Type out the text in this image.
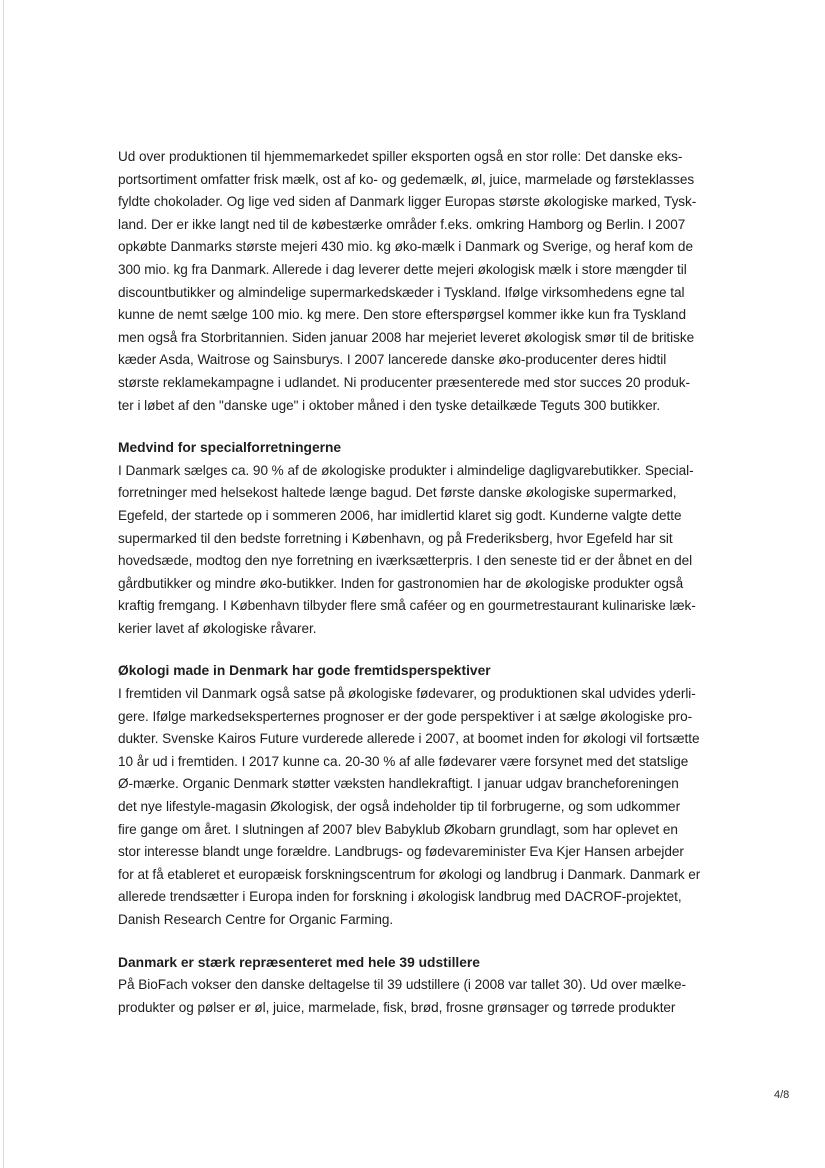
Ud over produktionen til hjemmemarkedet spiller eksporten også en stor rolle: Det danske eks-
portsortiment omfatter frisk mælk, ost af ko- og gedemælk, øl, juice, marmelade og førsteklasses
fyldte chokolader. Og lige ved siden af Danmark ligger Europas største økologiske marked, Tysk-
land. Der er ikke langt ned til de købestærke områder f.eks. omkring Hamborg og Berlin. I 2007
opkøbte Danmarks største mejeri 430 mio. kg øko-mælk i Danmark og Sverige, og heraf kom de
300 mio. kg fra Danmark. Allerede i dag leverer dette mejeri økologisk mælk i store mængder til
discountbutikker og almindelige supermarkedskæder i Tyskland. Ifølge virksomhedens egne tal
kunne de nemt sælge 100 mio. kg mere. Den store efterspørgsel kommer ikke kun fra Tyskland
men også fra Storbritannien. Siden januar 2008 har mejeriet leveret økologisk smør til de britiske
kæder Asda, Waitrose og Sainsburys. I 2007 lancerede danske øko-producenter deres hidtil
største reklamekampagne i udlandet. Ni producenter præsenterede med stor succes 20 produk-
ter i løbet af den "danske uge" i oktober måned i den tyske detailkæde Teguts 300 butikker.
Medvind for specialforretningerne
I Danmark sælges ca. 90 % af de økologiske produkter i almindelige dagligvarebutikker. Special-
forretninger med helsekost haltede længe bagud. Det første danske økologiske supermarked,
Egefeld, der startede op i sommeren 2006, har imidlertid klaret sig godt. Kunderne valgte dette
supermarked til den bedste forretning i København, og på Frederiksberg, hvor Egefeld har sit
hovedsæde, modtog den nye forretning en iværksætterpris. I den seneste tid er der åbnet en del
gårdbutikker og mindre øko-butikker. Inden for gastronomien har de økologiske produkter også
kraftig fremgang. I København tilbyder flere små caféer og en gourmetrestaurant kulinariske læk-
kerier lavet af økologiske råvarer.
Økologi made in Denmark har gode fremtidsperspektiver
I fremtiden vil Danmark også satse på økologiske fødevarer, og produktionen skal udvides yderli-
gere. Ifølge markedseksperternes prognoser er der gode perspektiver i at sælge økologiske pro-
dukter. Svenske Kairos Future vurderede allerede i 2007, at boomet inden for økologi vil fortsætte
10 år ud i fremtiden. I 2017 kunne ca. 20-30 % af alle fødevarer være forsynet med det statslige
Ø-mærke. Organic Denmark støtter væksten handlekraftigt. I januar udgav brancheforeningen
det nye lifestyle-magasin Økologisk, der også indeholder tip til forbrugerne, og som udkommer
fire gange om året. I slutningen af 2007 blev Babyklub Økobarn grundlagt, som har oplevet en
stor interesse blandt unge forældre. Landbrugs- og fødevareminister Eva Kjer Hansen arbejder
for at få etableret et europæisk forskningscentrum for økologi og landbrug i Danmark. Danmark er
allerede trendsætter i Europa inden for forskning i økologisk landbrug med DACROF-projektet,
Danish Research Centre for Organic Farming.
Danmark er stærk repræsenteret med hele 39 udstillere
På BioFach vokser den danske deltagelse til 39 udstillere (i 2008 var tallet 30). Ud over mælke-
produkter og pølser er øl, juice, marmelade, fisk, brød, frosne grønsager og tørrede produkter
4/8
